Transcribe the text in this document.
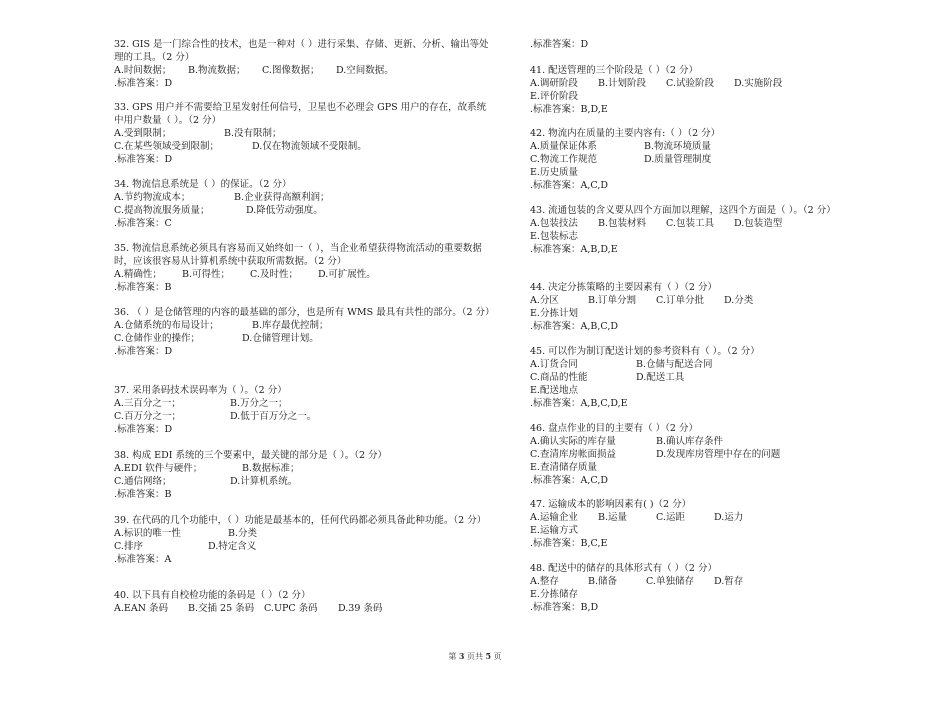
32. GIS 是一门综合性的技术，也是一种对（ ）进行采集、存储、更新、分析、输出等处理的工具。（2 分）
A.时间数据； B.物流数据； C.图像数据； D.空间数据。
.标准答案：D
33. GPS 用户并不需要给卫星发射任何信号，卫星也不必理会 GPS 用户的存在，故系统中用户数量（ ）。（2 分）
A.受到限制；	B.没有限制；
C.在某些领域受到限制；	D.仅在物流领域不受限制。
.标准答案：D
34. 物流信息系统是（ ）的保证。（2 分）
A.节约物流成本；	B.企业获得高额利润；
C.提高物流服务质量；	D.降低劳动强度。
.标准答案：C
35. 物流信息系统必须具有容易而又始终如一（ ），当企业希望获得物流活动的重要数据时，应该很容易从计算机系统中获取所需数据。（2 分）
A.精确性； B.可得性； C.及时性； D.可扩展性。
.标准答案：B
36. （ ）是仓储管理的内容的最基础的部分，也是所有 WMS 最具有共性的部分。（2 分）
A.仓储系统的布局设计；	B.库存最优控制；
C.仓储作业的操作；	D.仓储管理计划。
.标准答案：D
37. 采用条码技术误码率为（ ）。（2 分）
A.三百分之一；	B.万分之一；
C.百万分之一；	D.低于百万分之一。
.标准答案：D
38. 构成 EDI 系统的三个要素中，最关键的部分是（ ）。（2 分）
A.EDI 软件与硬件；	B.数据标准；
C.通信网络；	D.计算机系统。
.标准答案：B
39. 在代码的几个功能中，（ ）功能是最基本的，任何代码都必须具备此种功能。（2 分）
A.标识的唯一性	B.分类
C.排序	D.特定含义
.标准答案：A
40. 以下具有自校检功能的条码是（ ）（2 分）
A.EAN 条码 B.交插 25 条码 C.UPC 条码 D.39 条码
.标准答案：D
41. 配送管理的三个阶段是（ ）（2 分）
A.调研阶段 B.计划阶段 C.试验阶段 D.实施阶段
E.评价阶段
.标准答案：B,D,E
42. 物流内在质量的主要内容有:（ ）（2 分）
A.质量保证体系	B.物流环境质量
C.物流工作规范	D.质量管理制度
E.历史质量
.标准答案：A,C,D
43. 流通包装的含义要从四个方面加以理解，这四个方面是（ ）。（2 分）
A.包装技法 B.包装材料 C.包装工具 D.包装造型
E.包装标志
.标准答案：A,B,D,E
44. 决定分拣策略的主要因素有（ ）（2 分）
A.分区	B.订单分割 C.订单分批 D.分类
E.分拣计划
.标准答案：A,B,C,D
45. 可以作为制订配送计划的参考资料有（ ）。（2 分）
A.订货合同	B.仓储与配送合同
C.商品的性能	D.配送工具
E.配送地点
.标准答案：A,B,C,D,E
46. 盘点作业的目的主要有（ ）（2 分）
A.确认实际的库存量	B.确认库存条件
C.查清库房帐面损益	D.发现库房管理中存在的问题
E.查清储存质量
.标准答案：A,C,D
47. 运输成本的影响因素有( )（2 分）
A.运输企业 B.运量	C.运距	D.运力
E.运输方式
.标准答案：B,C,E
48. 配送中的储存的具体形式有（ ）（2 分）
A.整存	B.储备	C.单独储存 D.暂存
E.分拣储存
.标准答案：B,D
第 3 页共 5 页
